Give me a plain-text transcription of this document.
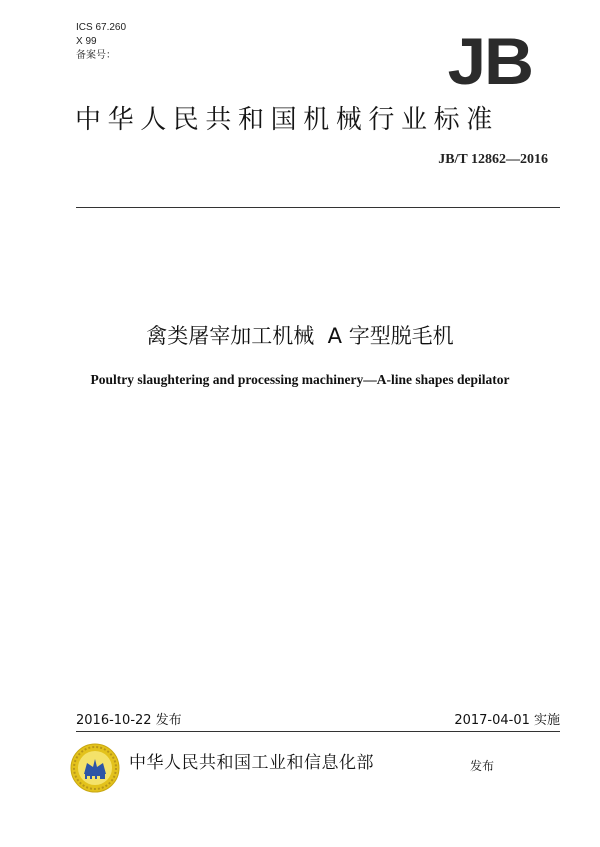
ICS 67.260
X 99
备案号：	JB
中华人民共和国机械行业标准
JB/T 12862—2016
禽类屠宰加工机械  A 字型脱毛机
Poultry slaughtering and processing machinery—A-line shapes depilator
2016-10-22 发布	2017-04-01 实施
中华人民共和国工业和信息化部	发布
